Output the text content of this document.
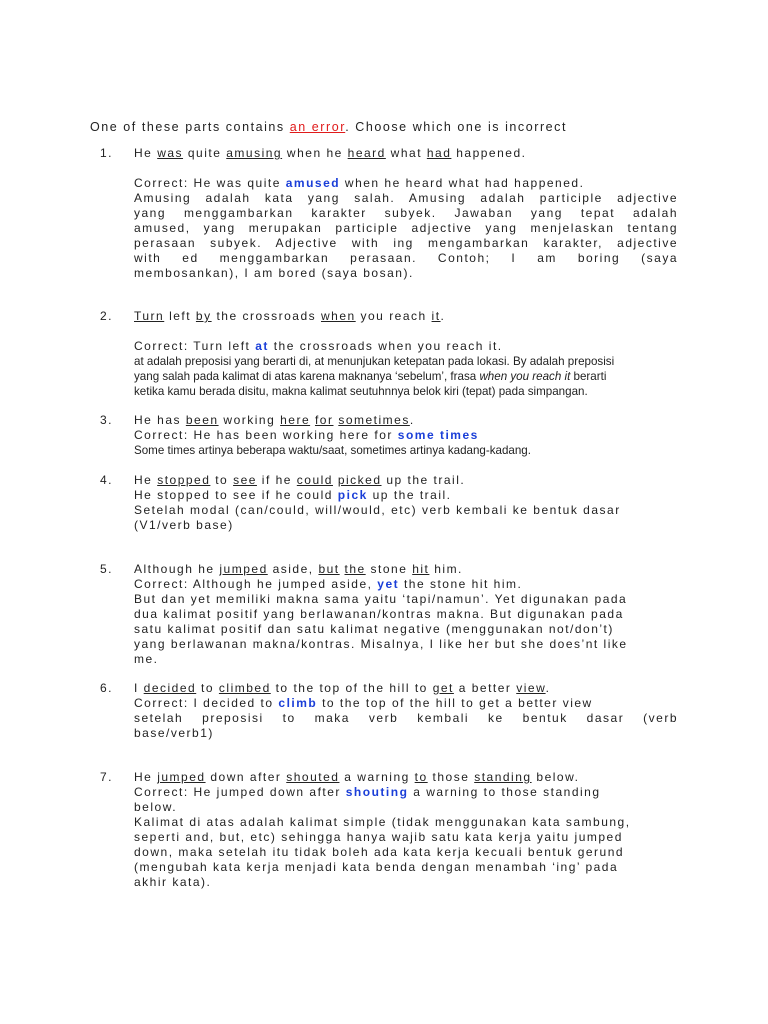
One of these parts contains an error. Choose which one is incorrect
1. He was quite amusing when he heard what had happened.
Correct: He was quite amused when he heard what had happened.
Amusing adalah kata yang salah. Amusing adalah participle adjective
yang menggambarkan karakter subyek. Jawaban yang tepat adalah
amused, yang merupakan participle adjective yang menjelaskan tentang
perasaan subyek. Adjective with ing mengambarkan karakter, adjective
with ed menggambarkan perasaan. Contoh; I am boring (saya
membosankan), I am bored (saya bosan).
2. Turn left by the crossroads when you reach it.
Correct: Turn left at the crossroads when you reach it.
at adalah preposisi yang berarti di, at menunjukan ketepatan pada lokasi. By adalah preposisi
yang salah pada kalimat di atas karena maknanya ‘sebelum’, frasa when you reach it berarti
ketika kamu berada disitu, makna kalimat seutuhnnya belok kiri (tepat) pada simpangan.
3. He has been working here for sometimes.
Correct: He has been working here for some times
Some times artinya beberapa waktu/saat, sometimes artinya kadang-kadang.
4. He stopped to see if he could picked up the trail.
He stopped to see if he could pick up the trail.
Setelah modal (can/could, will/would, etc) verb kembali ke bentuk dasar
(V1/verb base)
5. Although he jumped aside, but the stone hit him.
Correct: Although he jumped aside, yet the stone hit him.
But dan yet memiliki makna sama yaitu ‘tapi/namun’. Yet digunakan pada
dua kalimat positif yang berlawanan/kontras makna. But digunakan pada
satu kalimat positif dan satu kalimat negative (menggunakan not/don’t)
yang berlawanan makna/kontras. Misalnya, I like her but she does’nt like
me.
6. I decided to climbed to the top of the hill to get a better view.
Correct: I decided to climb to the top of the hill to get a better view
setelah preposisi to maka verb kembali ke bentuk dasar (verb
base/verb1)
7. He jumped down after shouted a warning to those standing below.
Correct: He jumped down after shouting a warning to those standing
below.
Kalimat di atas adalah kalimat simple (tidak menggunakan kata sambung,
seperti and, but, etc) sehingga hanya wajib satu kata kerja yaitu jumped
down, maka setelah itu tidak boleh ada kata kerja kecuali bentuk gerund
(mengubah kata kerja menjadi kata benda dengan menambah ‘ing’ pada
akhir kata).
